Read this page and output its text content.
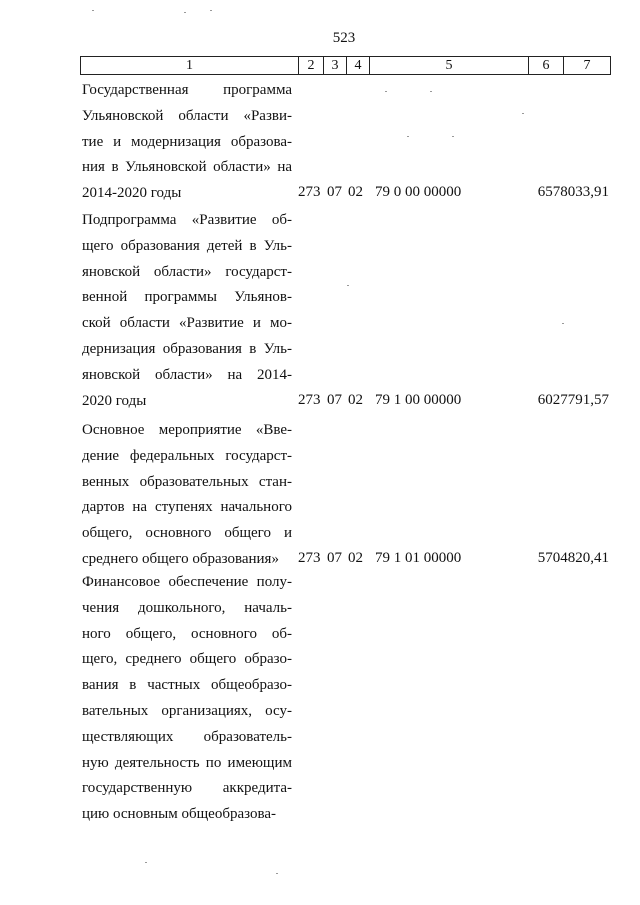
523
1	2	3	4	5	6	7
Государственная программа
Ульяновской области «Разви-
тие и модернизация образова-
ния в Ульяновской области» на
2014-2020 годы	273 07 02 79 0 00 00000	6578033,91
Подпрограмма «Развитие об-
щего образования детей в Уль-
яновской области» государст-
венной программы Ульянов-
ской области «Развитие и мо-
дернизация образования в Уль-
яновской области» на 2014-
2020 годы	273 07 02 79 1 00 00000	6027791,57
Основное мероприятие «Вве-
дение федеральных государст-
венных образовательных стан-
дартов на ступенях начального
общего, основного общего и
среднего общего образования»	273 07 02 79 1 01 00000	5704820,41
Финансовое обеспечение полу-
чения дошкольного, началь-
ного общего, основного об-
щего, среднего общего образо-
вания в частных общеобразо-
вательных организациях, осу-
ществляющих образователь-
ную деятельность по имеющим
государственную аккредита-
цию основным общеобразова-
